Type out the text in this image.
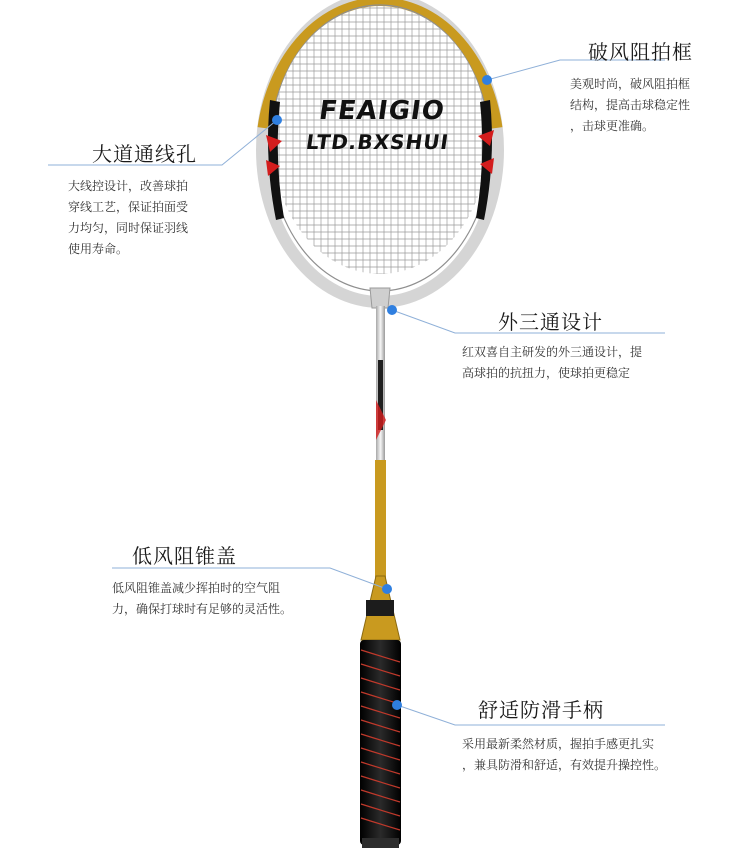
FEAIGIO
LTD.BXSHUI
破风阻拍框

美观时尚，破风阻拍框

结构，提高击球稳定性

，击球更准确。

大道通线孔

大线控设计，改善球拍

穿线工艺，保证拍面受

力均匀，同时保证羽线

使用寿命。

外三通设计

红双喜自主研发的外三通设计，提

高球拍的抗扭力，使球拍更稳定

低风阻锥盖

低风阻锥盖减少挥拍时的空气阻

力，确保打球时有足够的灵活性。

舒适防滑手柄

采用最新柔然材质，握拍手感更扎实

，兼具防滑和舒适，有效提升操控性。
